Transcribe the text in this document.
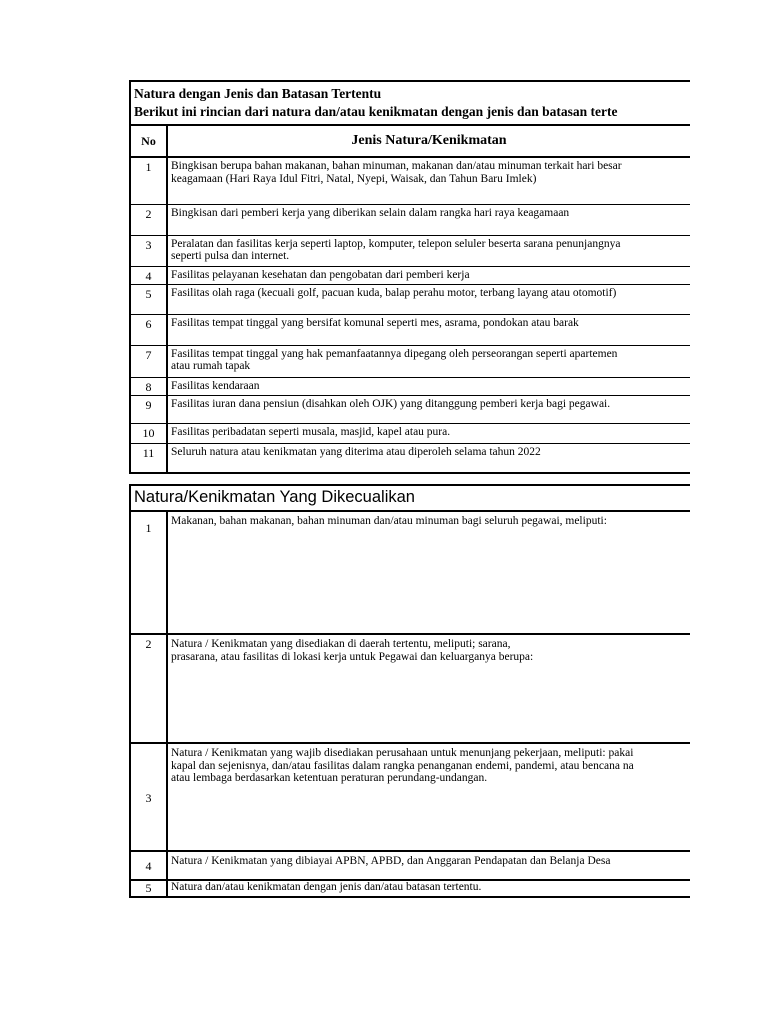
Natura dengan Jenis dan Batasan Tertentu
Berikut ini rincian dari natura dan/atau kenikmatan dengan jenis dan batasan terte
No	Jenis Natura/Kenikmatan
1	Bingkisan berupa bahan makanan, bahan minuman, makanan dan/atau minuman terkait hari besar
keagamaan (Hari Raya Idul Fitri, Natal, Nyepi, Waisak, dan Tahun Baru Imlek)

2	Bingkisan dari pemberi kerja yang diberikan selain dalam rangka hari raya keagamaan

3	Peralatan dan fasilitas kerja seperti laptop, komputer, telepon seluler beserta sarana penunjangnya
seperti pulsa dan internet.

4	Fasilitas pelayanan kesehatan dan pengobatan dari pemberi kerja

5	Fasilitas olah raga (kecuali golf, pacuan kuda, balap perahu motor, terbang layang atau otomotif)

6	Fasilitas tempat tinggal yang bersifat komunal seperti mes, asrama, pondokan atau barak

7	Fasilitas tempat tinggal yang hak pemanfaatannya dipegang oleh perseorangan seperti apartemen
atau rumah tapak

8	Fasilitas kendaraan

9	Fasilitas iuran dana pensiun (disahkan oleh OJK) yang ditanggung pemberi kerja bagi pegawai.

10	Fasilitas peribadatan seperti musala, masjid, kapel atau pura.

11	Seluruh natura atau kenikmatan yang diterima atau diperoleh selama tahun 2022
Natura/Kenikmatan Yang Dikecualikan
1	Makanan, bahan makanan, bahan minuman dan/atau minuman bagi seluruh pegawai, meliputi:

2	Natura / Kenikmatan yang disediakan di daerah tertentu, meliputi; sarana,
prasarana, atau fasilitas di lokasi kerja untuk Pegawai dan keluarganya berupa:

3	Natura / Kenikmatan yang wajib disediakan perusahaan untuk menunjang pekerjaan, meliputi: pakai
kapal dan sejenisnya, dan/atau fasilitas dalam rangka penanganan endemi, pandemi, atau bencana na
atau lembaga berdasarkan ketentuan peraturan perundang-undangan.

4	Natura / Kenikmatan yang dibiayai APBN, APBD, dan Anggaran Pendapatan dan Belanja Desa

5	Natura dan/atau kenikmatan dengan jenis dan/atau batasan tertentu.
